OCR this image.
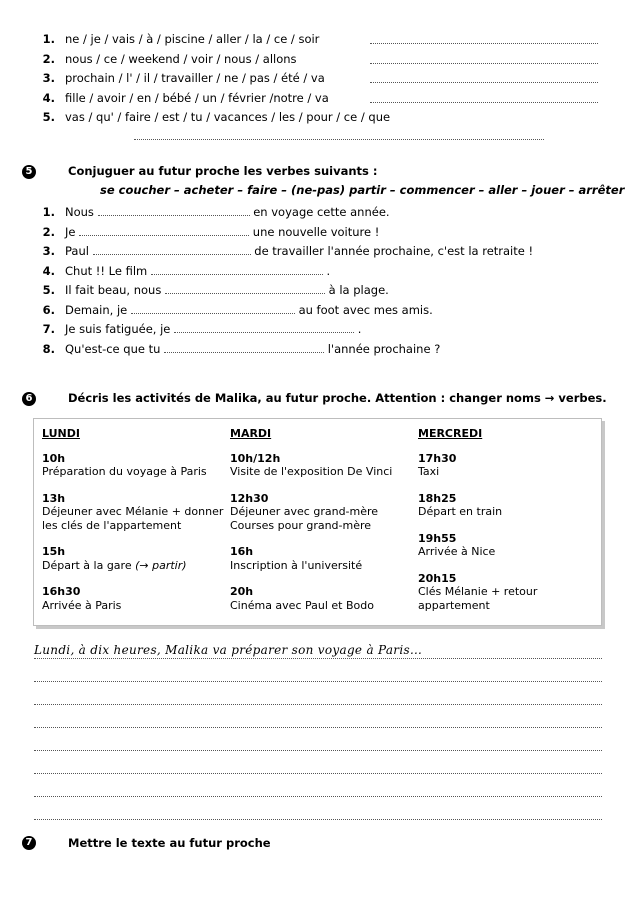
1. ne / je / vais / à / piscine / aller / la / ce / soir
2. nous / ce / weekend / voir / nous / allons
3. prochain / l' / il / travailler / ne / pas / été / va
4. fille / avoir / en / bébé / un / février /notre / va
5. vas / qu' / faire / est / tu / vacances / les / pour / ce / que
5	Conjuguer au futur proche les verbes suivants :
se coucher – acheter – faire – (ne-pas) partir – commencer – aller – jouer – arrêter
1. Nous	en voyage cette année.
2. Je	une nouvelle voiture !
3. Paul	de travailler l'année prochaine, c'est la retraite !
4. Chut !! Le film	.
5. Il fait beau, nous	à la plage.
6. Demain, je	au foot avec mes amis.
7. Je suis fatiguée, je	.
8. Qu'est-ce que tu	l'année prochaine ?
6	Décris les activités de Malika, au futur proche. Attention : changer noms → verbes.
LUNDI
10h
Préparation du voyage à Paris
13h
Déjeuner avec Mélanie + donner
les clés de l'appartement
15h
Départ à la gare (→ partir)
16h30
Arrivée à Paris
MARDI
10h/12h
Visite de l'exposition De Vinci
12h30
Déjeuner avec grand-mère
Courses pour grand-mère
16h
Inscription à l'université
20h
Cinéma avec Paul et Bodo
MERCREDI
17h30
Taxi
18h25
Départ en train
19h55
Arrivée à Nice
20h15
Clés Mélanie + retour
appartement
Lundi, à dix heures, Malika va préparer son voyage à Paris…
7	Mettre le texte au futur proche
